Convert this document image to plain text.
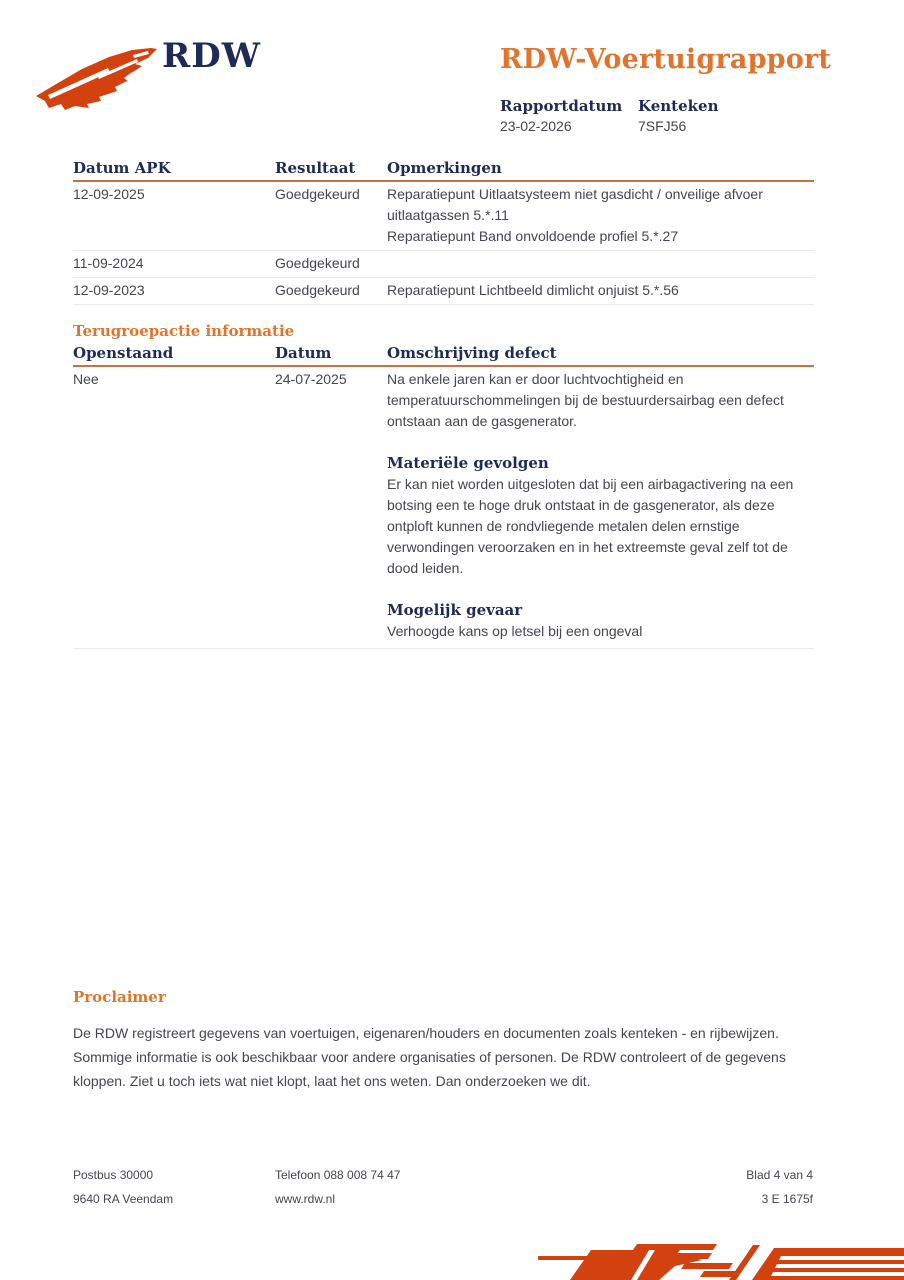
RDW	RDW-Voertuigrapport
Rapportdatum
23-02-2026
Kenteken
7SFJ56
Datum APK	Resultaat	Opmerkingen
12-09-2025	Goedgekeurd	Reparatiepunt Uitlaatsysteem niet gasdicht / onveilige afvoer uitlaatgassen 5.*.11
Reparatiepunt Band onvoldoende profiel 5.*.27
11-09-2024	Goedgekeurd
12-09-2023	Goedgekeurd	Reparatiepunt Lichtbeeld dimlicht onjuist 5.*.56
Terugroepactie informatie
Openstaand	Datum	Omschrijving defect
Nee	24-07-2025	Na enkele jaren kan er door luchtvochtigheid en temperatuurschommelingen bij de bestuurdersairbag een defect ontstaan aan de gasgenerator.

Materiële gevolgen

Er kan niet worden uitgesloten dat bij een airbagactivering na een botsing een te hoge druk ontstaat in de gasgenerator, als deze ontploft kunnen de rondvliegende metalen delen ernstige verwondingen veroorzaken en in het extreemste geval zelf tot de dood leiden.

Mogelijk gevaar

Verhoogde kans op letsel bij een ongeval

Proclaimer

De RDW registreert gegevens van voertuigen, eigenaren/houders en documenten zoals kenteken - en rijbewijzen. Sommige informatie is ook beschikbaar voor andere organisaties of personen. De RDW controleert of de gegevens kloppen. Ziet u toch iets wat niet klopt, laat het ons weten. Dan onderzoeken we dit.

Postbus 30000	Telefoon 088 008 74 47	Blad 4 van 4
9640 RA Veendam	www.rdw.nl	3 E 1675f
